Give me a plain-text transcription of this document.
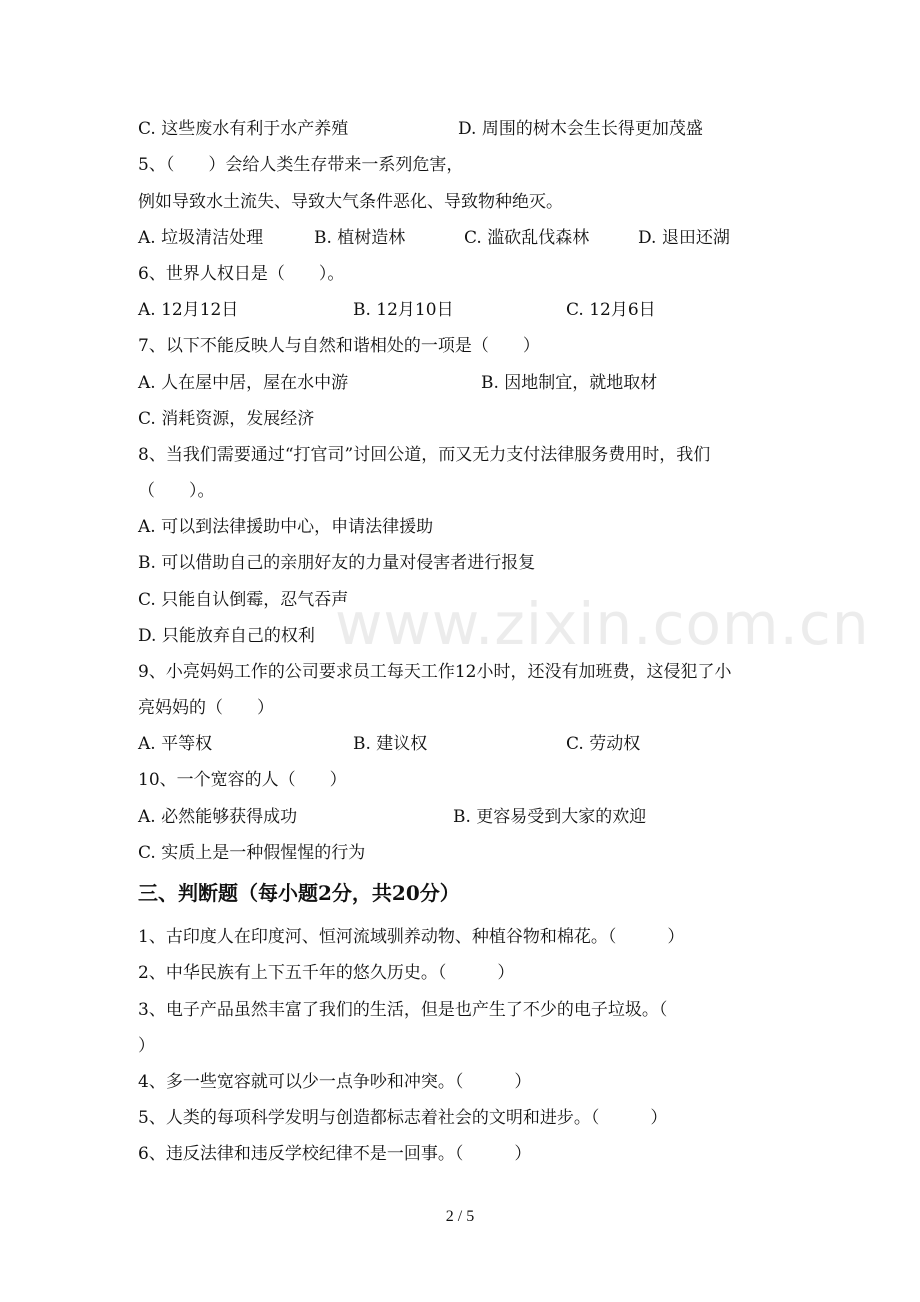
www.zixin.com.cn
C. 这些废水有利于水产养殖	D. 周围的树木会生长得更加茂盛
5、（　　）会给人类生存带来一系列危害，
例如导致水土流失、导致大气条件恶化、导致物种绝灭。
A. 垃圾清洁处理	B. 植树造林	C. 滥砍乱伐森林	D. 退田还湖
6、世界人权日是（　　）。
A. 12月12日	B. 12月10日	C. 12月6日
7、以下不能反映人与自然和谐相处的一项是（　　）
A. 人在屋中居，屋在水中游	B. 因地制宜，就地取材
C. 消耗资源，发展经济
8、当我们需要通过“打官司”讨回公道，而又无力支付法律服务费用时，我们
（　　）。
A. 可以到法律援助中心，申请法律援助
B. 可以借助自己的亲朋好友的力量对侵害者进行报复
C. 只能自认倒霉，忍气吞声
D. 只能放弃自己的权利
9、小亮妈妈工作的公司要求员工每天工作12小时，还没有加班费，这侵犯了小
亮妈妈的（　　）
A. 平等权	B. 建议权	C. 劳动权
10、一个宽容的人（　　）
A. 必然能够获得成功	B. 更容易受到大家的欢迎
C. 实质上是一种假惺惺的行为
三、判断题（每小题2分，共20分）
1、古印度人在印度河、恒河流域驯养动物、种植谷物和棉花。（　　　）
2、中华民族有上下五千年的悠久历史。（　　　）
3、电子产品虽然丰富了我们的生活，但是也产生了不少的电子垃圾。（
）
4、多一些宽容就可以少一点争吵和冲突。（　　　）
5、人类的每项科学发明与创造都标志着社会的文明和进步。（　　　）
6、违反法律和违反学校纪律不是一回事。（　　　）
2 / 5
